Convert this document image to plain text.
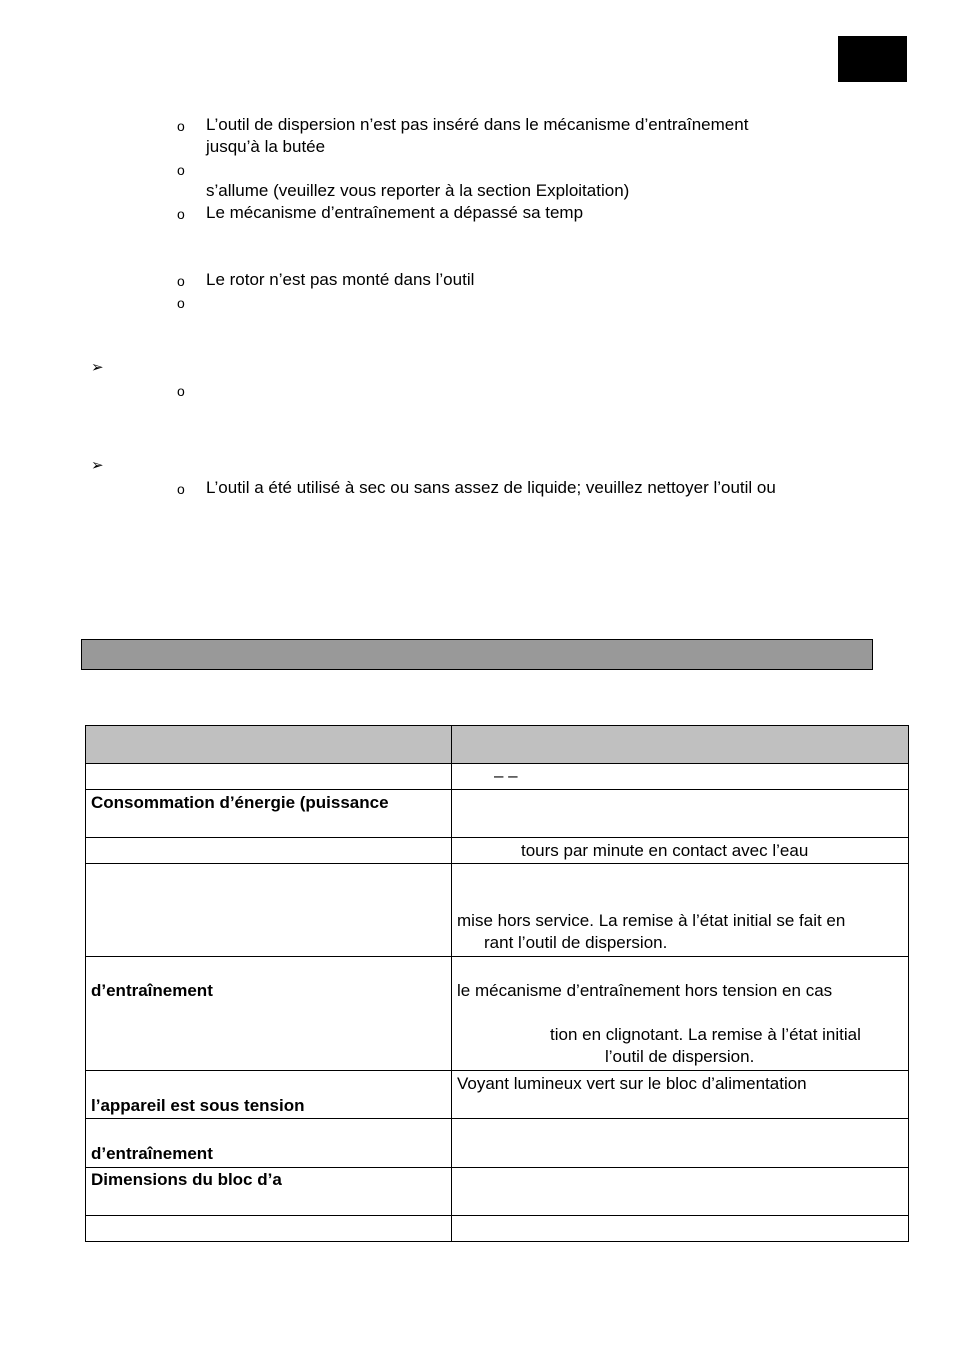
o L’outil de dispersion n’est pas inséré dans le mécanisme d’entraînement
jusqu’à la butée
o
s’allume (veuillez vous reporter à la section Exploitation)
o Le mécanisme d’entraînement a dépassé sa temp
o Le rotor n’est pas monté dans l’outil
o
➢
o
➢
o L’outil a été utilisé à sec ou sans assez de liquide; veuillez nettoyer l’outil ou
– –
Consommation d’énergie (puissance
tours par minute en contact avec l’eau
mise hors service. La remise à l’état initial se fait en
rant l’outil de dispersion.
d’entraînement	le mécanisme d’entraînement hors tension en cas
tion en clignotant. La remise à l’état initial
l’outil de dispersion.
Voyant lumineux vert sur le bloc d’alimentation
l’appareil est sous tension
d’entraînement
Dimensions du bloc d’a
